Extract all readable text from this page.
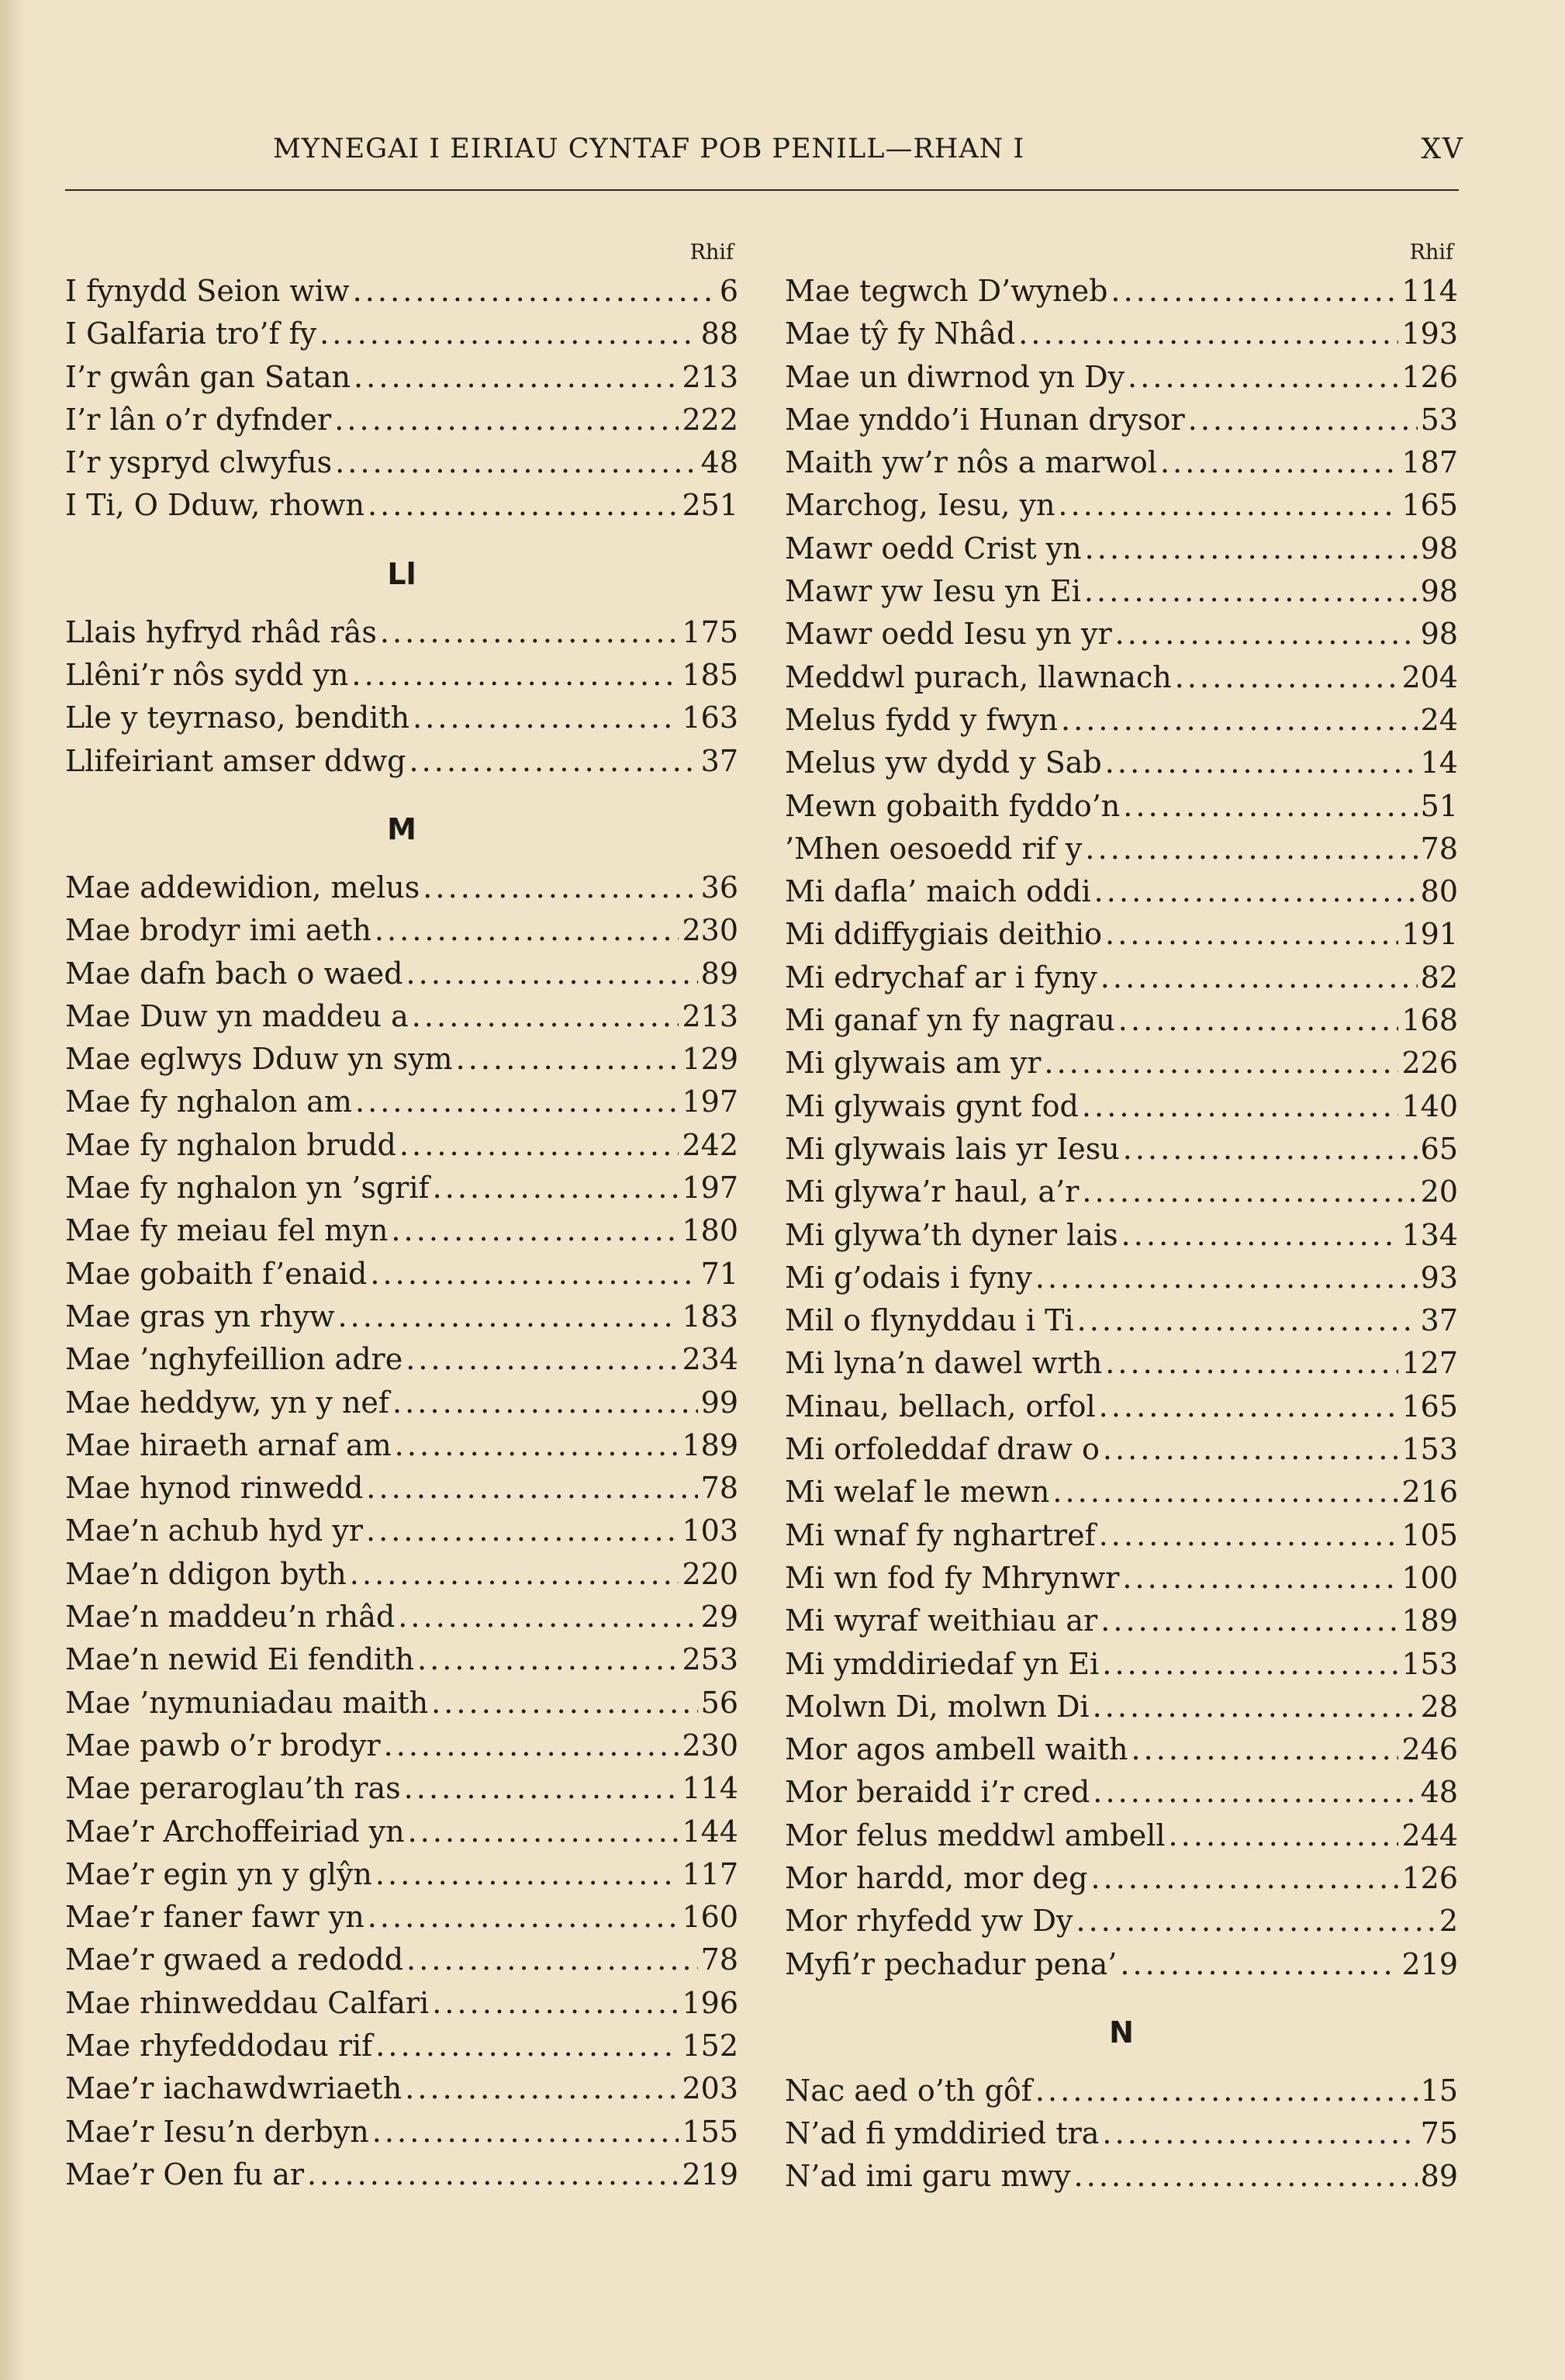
MYNEGAI I EIRIAU CYNTAF POB PENILL—RHAN I	XV
Rhif
I fynydd Seion wiw . . .	6
I Galfaria tro’f fy . . .	88
I’r gwân gan Satan . . .	213
I’r lân o’r dyfnder . . .	222
I’r yspryd clwyfus . . .	48
I Ti, O Dduw, rhown . . .	251
Ll
Llais hyfryd rhâd râs . . .	175
Llêni’r nôs sydd yn . . .	185
Lle y teyrnaso, bendith . . .	163
Llifeiriant amser ddwg . . .	37
M
Mae addewidion, melus . . .	36
Mae brodyr imi aeth . . .	230
Mae dafn bach o waed . . .	89
Mae Duw yn maddeu a . . .	213
Mae eglwys Dduw yn sym . . .	129
Mae fy nghalon am . . .	197
Mae fy nghalon brudd . . .	242
Mae fy nghalon yn ’sgrif . . .	197
Mae fy meiau fel myn . . .	180
Mae gobaith f’enaid . . .	71
Mae gras yn rhyw . . .	183
Mae ’nghyfeillion adre . . .	234
Mae heddyw, yn y nef . . .	99
Mae hiraeth arnaf am . . .	189
Mae hynod rinwedd . . .	78
Mae’n achub hyd yr . . .	103
Mae’n ddigon byth . . .	220
Mae’n maddeu’n rhâd . . .	29
Mae’n newid Ei fendith . . .	253
Mae ’nymuniadau maith . . .	56
Mae pawb o’r brodyr . . .	230
Mae peraroglau’th ras . . .	114
Mae’r Archoffeiriad yn . . .	144
Mae’r egin yn y glŷn . . .	117
Mae’r faner fawr yn . . .	160
Mae’r gwaed a redodd . . .	78
Mae rhinweddau Calfari . . .	196
Mae rhyfeddodau rif . . .	152
Mae’r iachawdwriaeth . . .	203
Mae’r Iesu’n derbyn . . .	155
Mae’r Oen fu ar . . .	219
Rhif
Mae tegwch D’wyneb . . .	114
Mae tŷ fy Nhâd . . .	193
Mae un diwrnod yn Dy . . .	126
Mae ynddo’i Hunan drysor . . .	53
Maith yw’r nôs a marwol . . .	187
Marchog, Iesu, yn . . .	165
Mawr oedd Crist yn . . .	98
Mawr yw Iesu yn Ei . . .	98
Mawr oedd Iesu yn yr . . .	98
Meddwl purach, llawnach . . .	204
Melus fydd y fwyn . . .	24
Melus yw dydd y Sab . . .	14
Mewn gobaith fyddo’n . . .	51
’Mhen oesoedd rif y . . .	78
Mi dafla’ maich oddi . . .	80
Mi ddiffygiais deithio . . .	191
Mi edrychaf ar i fyny . . .	82
Mi ganaf yn fy nagrau . . .	168
Mi glywais am yr . . .	226
Mi glywais gynt fod . . .	140
Mi glywais lais yr Iesu . . .	65
Mi glywa’r haul, a’r . . .	20
Mi glywa’th dyner lais . . .	134
Mi g’odais i fyny . . .	93
Mil o flynyddau i Ti . . .	37
Mi lyna’n dawel wrth . . .	127
Minau, bellach, orfol . . .	165
Mi orfoleddaf draw o . . .	153
Mi welaf le mewn . . .	216
Mi wnaf fy nghartref . . .	105
Mi wn fod fy Mhrynwr . . .	100
Mi wyraf weithiau ar . . .	189
Mi ymddiriedaf yn Ei . . .	153
Molwn Di, molwn Di . . .	28
Mor agos ambell waith . . .	246
Mor beraidd i’r cred . . .	48
Mor felus meddwl ambell . . .	244
Mor hardd, mor deg . . .	126
Mor rhyfedd yw Dy . . .	2
Myfi’r pechadur pena’ . . .	219
N
Nac aed o’th gôf . . .	15
N’ad fi ymddiried tra . . .	75
N’ad imi garu mwy . . .	89
